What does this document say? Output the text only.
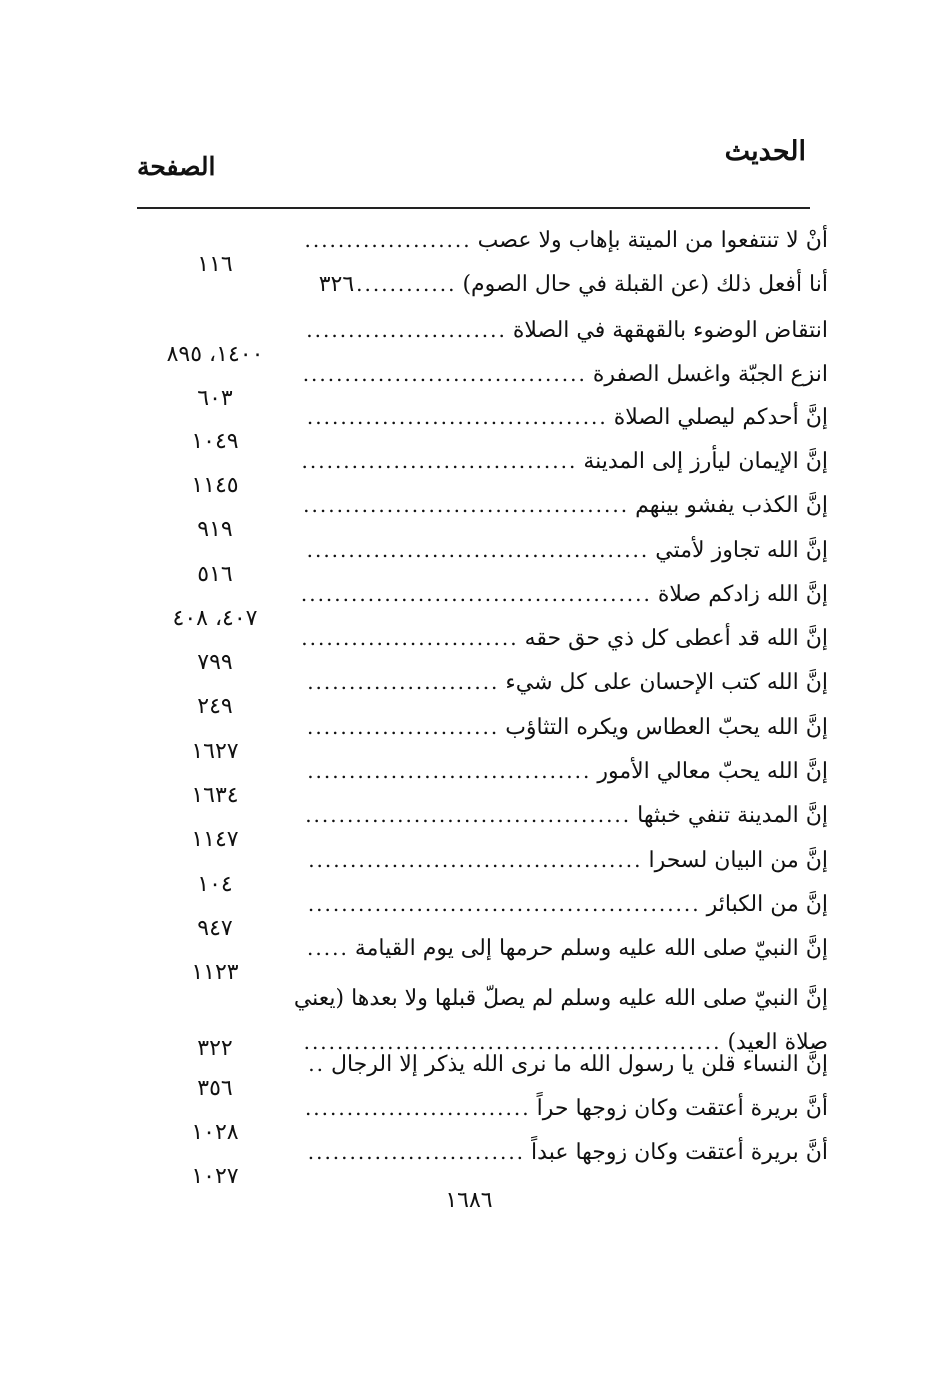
الحديث
الصفحة
أنْ لا تنتفعوا من الميتة بإهاب ولا عصب
....................
١١٦
أنا أفعل ذلك (عن القبلة في حال الصوم)
............
٣٢٦
انتقاض الوضوء بالقهقهة في الصلاة
........................
١٤٠٠، ٨٩٥
انزع الجبّة واغسل الصفرة
..................................
٦٠٣
إنَّ أحدكم ليصلي الصلاة
....................................
١٠٤٩
إنَّ الإيمان ليأرز إلى المدينة
.................................
١١٤٥
إنَّ الكذب يفشو بينهم
.......................................
٩١٩
إنَّ الله تجاوز لأمتي
.........................................
٥١٦
إنَّ الله زادكم صلاة
..........................................
٤٠٧، ٤٠٨
إنَّ الله قد أعطى كل ذي حق حقه
..........................
٧٩٩
إنَّ الله كتب الإحسان على كل شيء
.......................
٢٤٩
إنَّ الله يحبّ العطاس ويكره التثاؤب
.......................
١٦٢٧
إنَّ الله يحبّ معالي الأمور
..................................
١٦٣٤
إنَّ المدينة تنفي خبثها
.......................................
١١٤٧
إنَّ من البيان لسحرا
........................................
١٠٤
إنَّ من الكبائر
...............................................
٩٤٧
إنَّ النبيّ صلى الله عليه وسلم حرمها إلى يوم القيامة
.....
١١٢٣
إنَّ النبيّ صلى الله عليه وسلم لم يصلّ قبلها ولا بعدها (يعني
صلاة العيد)
..................................................
٣٢٢
إنَّ النساء قلن يا رسول الله ما نرى الله يذكر إلا الرجال
..
٣٥٦
أنَّ بريرة أعتقت وكان زوجها حراً
...........................
١٠٢٨
أنَّ بريرة أعتقت وكان زوجها عبداً
..........................
١٠٢٧
١٦٨٦
